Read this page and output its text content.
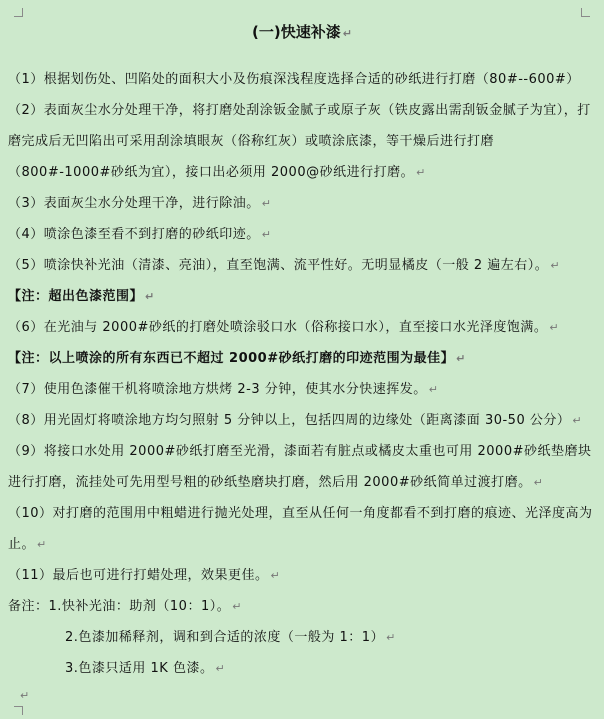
(一)快速补漆 ↵

（1）根据划伤处、凹陷处的面积大小及伤痕深浅程度选择合适的砂纸进行打磨（80#--600#）

（2）表面灰尘水分处理干净，将打磨处刮涂钣金腻子或原子灰（铁皮露出需刮钣金腻子为宜），打磨完成后无凹陷出可采用刮涂填眼灰（俗称红灰）或喷涂底漆，等干燥后进行打磨（800#-1000#砂纸为宜），接口出必须用 2000@砂纸进行打磨。 ↵

（3）表面灰尘水分处理干净，进行除油。 ↵

（4）喷涂色漆至看不到打磨的砂纸印迹。 ↵

（5）喷涂快补光油（清漆、亮油），直至饱满、流平性好。无明显橘皮（一般 2 遍左右）。 ↵

【注：超出色漆范围】 ↵

（6）在光油与 2000#砂纸的打磨处喷涂驳口水（俗称接口水），直至接口水光泽度饱满。 ↵

【注：以上喷涂的所有东西已不超过 2000#砂纸打磨的印迹范围为最佳】 ↵

（7）使用色漆催干机将喷涂地方烘烤 2-3 分钟，使其水分快速挥发。 ↵

（8）用光固灯将喷涂地方均匀照射 5 分钟以上，包括四周的边缘处（距离漆面 30-50 公分） ↵

（9）将接口水处用 2000#砂纸打磨至光滑，漆面若有脏点或橘皮太重也可用 2000#砂纸垫磨块进行打磨，流挂处可先用型号粗的砂纸垫磨块打磨，然后用 2000#砂纸简单过渡打磨。 ↵

（10）对打磨的范围用中粗蜡进行抛光处理，直至从任何一角度都看不到打磨的痕迹、光泽度高为止。 ↵

（11）最后也可进行打蜡处理，效果更佳。 ↵

备注：1.快补光油：助剂（10：1）。 ↵

2.色漆加稀释剂，调和到合适的浓度（一般为 1：1） ↵

3.色漆只适用 1K 色漆。 ↵

↵
